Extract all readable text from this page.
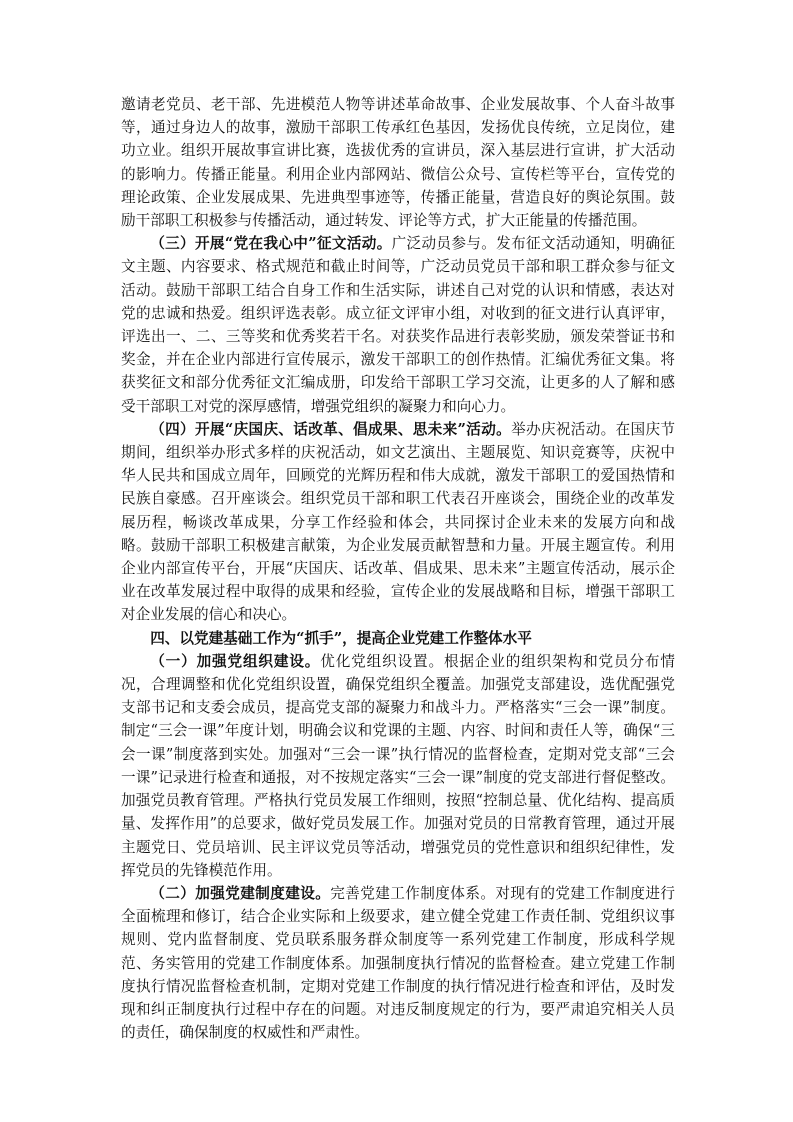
邀请老党员、老干部、先进模范人物等讲述革命故事、企业发展故事、个人奋斗故事等，通过身边人的故事，激励干部职工传承红色基因，发扬优良传统，立足岗位，建功立业。组织开展故事宣讲比赛，选拔优秀的宣讲员，深入基层进行宣讲，扩大活动的影响力。传播正能量。利用企业内部网站、微信公众号、宣传栏等平台，宣传党的理论政策、企业发展成果、先进典型事迹等，传播正能量，营造良好的舆论氛围。鼓励干部职工积极参与传播活动，通过转发、评论等方式，扩大正能量的传播范围。

（三）开展“党在我心中”征文活动。广泛动员参与。发布征文活动通知，明确征文主题、内容要求、格式规范和截止时间等，广泛动员党员干部和职工群众参与征文活动。鼓励干部职工结合自身工作和生活实际，讲述自己对党的认识和情感，表达对党的忠诚和热爱。组织评选表彰。成立征文评审小组，对收到的征文进行认真评审，评选出一、二、三等奖和优秀奖若干名。对获奖作品进行表彰奖励，颁发荣誉证书和奖金，并在企业内部进行宣传展示，激发干部职工的创作热情。汇编优秀征文集。将获奖征文和部分优秀征文汇编成册，印发给干部职工学习交流，让更多的人了解和感受干部职工对党的深厚感情，增强党组织的凝聚力和向心力。

（四）开展“庆国庆、话改革、倡成果、思未来”活动。举办庆祝活动。在国庆节期间，组织举办形式多样的庆祝活动，如文艺演出、主题展览、知识竞赛等，庆祝中华人民共和国成立周年，回顾党的光辉历程和伟大成就，激发干部职工的爱国热情和民族自豪感。召开座谈会。组织党员干部和职工代表召开座谈会，围绕企业的改革发展历程，畅谈改革成果，分享工作经验和体会，共同探讨企业未来的发展方向和战略。鼓励干部职工积极建言献策，为企业发展贡献智慧和力量。开展主题宣传。利用企业内部宣传平台，开展“庆国庆、话改革、倡成果、思未来”主题宣传活动，展示企业在改革发展过程中取得的成果和经验，宣传企业的发展战略和目标，增强干部职工对企业发展的信心和决心。

四、以党建基础工作为“抓手”，提高企业党建工作整体水平

（一）加强党组织建设。优化党组织设置。根据企业的组织架构和党员分布情况，合理调整和优化党组织设置，确保党组织全覆盖。加强党支部建设，选优配强党支部书记和支委会成员，提高党支部的凝聚力和战斗力。严格落实“三会一课”制度。制定“三会一课”年度计划，明确会议和党课的主题、内容、时间和责任人等，确保“三会一课”制度落到实处。加强对“三会一课”执行情况的监督检查，定期对党支部“三会一课”记录进行检查和通报，对不按规定落实“三会一课”制度的党支部进行督促整改。加强党员教育管理。严格执行党员发展工作细则，按照“控制总量、优化结构、提高质量、发挥作用”的总要求，做好党员发展工作。加强对党员的日常教育管理，通过开展主题党日、党员培训、民主评议党员等活动，增强党员的党性意识和组织纪律性，发挥党员的先锋模范作用。

（二）加强党建制度建设。完善党建工作制度体系。对现有的党建工作制度进行全面梳理和修订，结合企业实际和上级要求，建立健全党建工作责任制、党组织议事规则、党内监督制度、党员联系服务群众制度等一系列党建工作制度，形成科学规范、务实管用的党建工作制度体系。加强制度执行情况的监督检查。建立党建工作制度执行情况监督检查机制，定期对党建工作制度的执行情况进行检查和评估，及时发现和纠正制度执行过程中存在的问题。对违反制度规定的行为，要严肃追究相关人员的责任，确保制度的权威性和严肃性。
